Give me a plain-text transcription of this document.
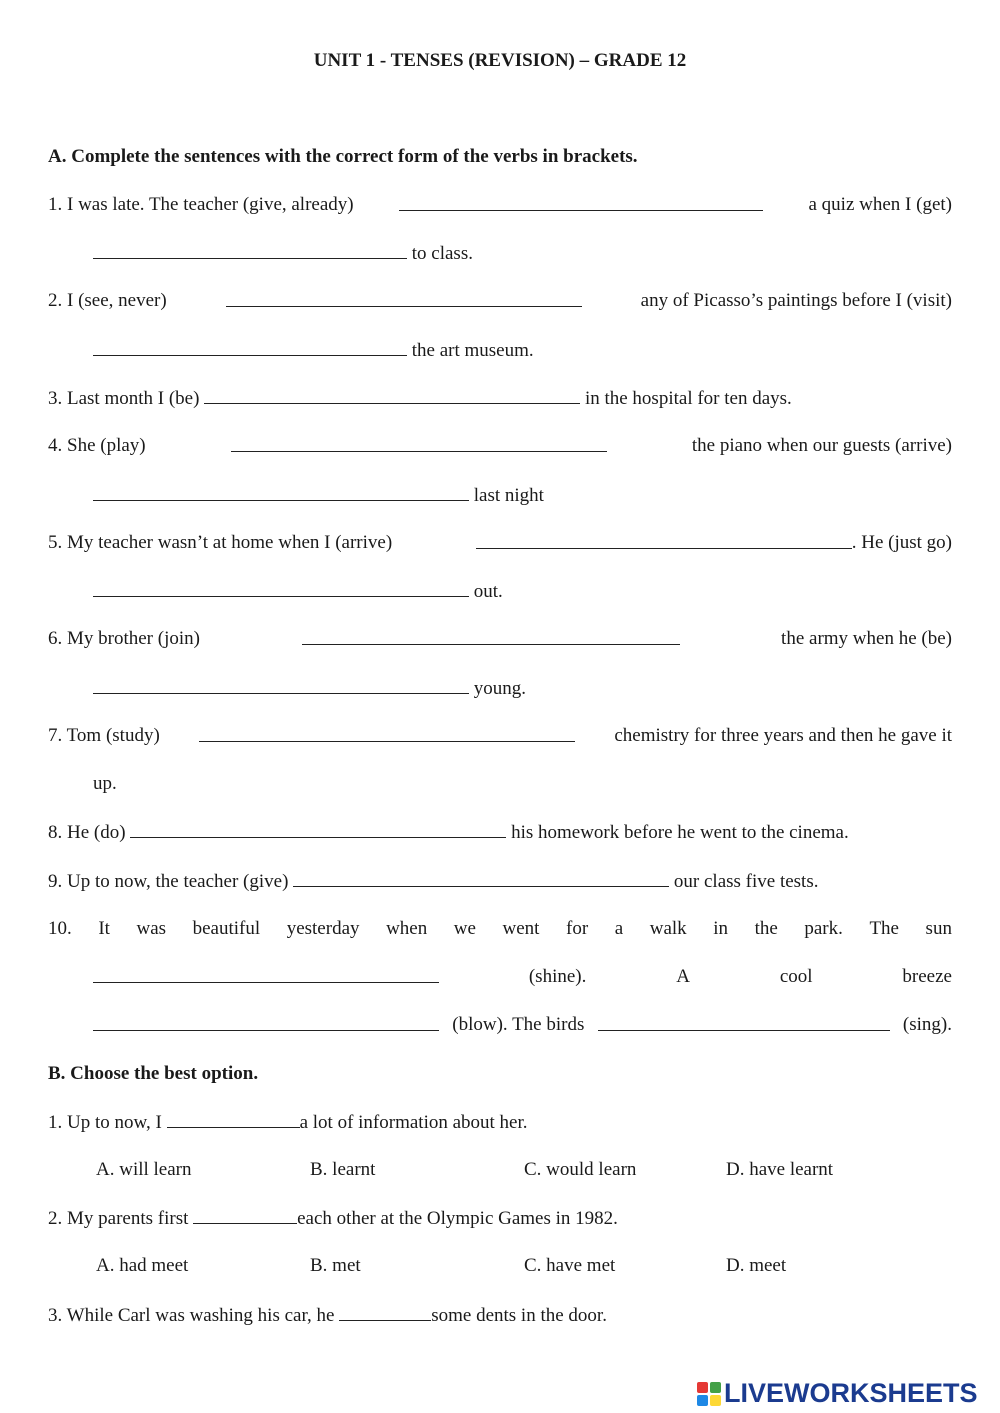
UNIT 1 - TENSES (REVISION) – GRADE 12
A. Complete the sentences with the correct form of the verbs in brackets.
1. I was late. The teacher (give, already)	a quiz when I (get)
to class.
2. I (see, never)	any of Picasso’s paintings before I (visit)
the art museum.
3. Last month I (be)	in the hospital for ten days.
4. She (play)	the piano when our guests (arrive)
last night
5. My teacher wasn’t at home when I (arrive)	. He (just go)
out.
6. My brother (join)	the army when he (be)
young.
7. Tom (study)	chemistry for three years and then he gave it
up.
8. He (do)	his homework before he went to the cinema.
9. Up to now, the teacher (give)	our class five tests.
10. It was beautiful yesterday when we went for a walk in the park. The sun
(shine).	A	cool	breeze
(blow). The birds	(sing).
B. Choose the best option.
1. Up to now, I	a lot of information about her.
A. will learn	B. learnt	C. would learn	D. have learnt
2. My parents first	each other at the Olympic Games in 1982.
A. had meet	B. met	C. have met	D. meet
3. While Carl was washing his car, he	some dents in the door.
LIVEWORKSHEETS
